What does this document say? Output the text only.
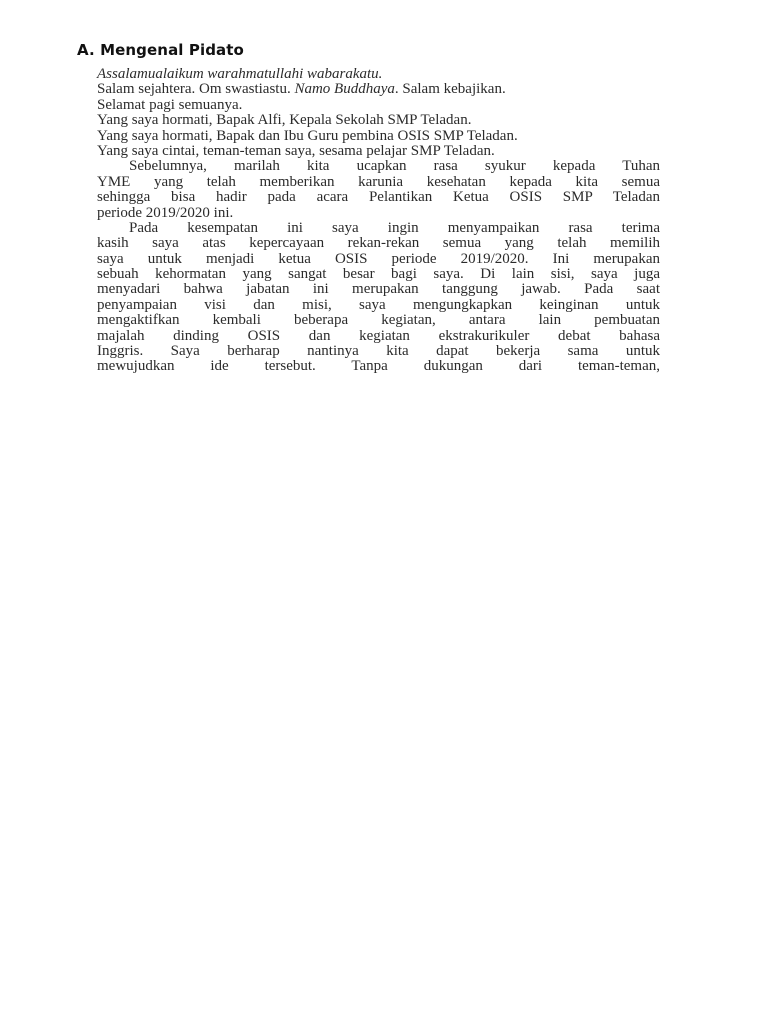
A. Mengenal Pidato
Assalamualaikum warahmatullahi wabarakatu.
Salam sejahtera. Om swastiastu. Namo Buddhaya. Salam kebajikan.
Selamat pagi semuanya.
Yang saya hormati, Bapak Alfi, Kepala Sekolah SMP Teladan.
Yang saya hormati, Bapak dan Ibu Guru pembina OSIS SMP Teladan.
Yang saya cintai, teman-teman saya, sesama pelajar SMP Teladan.
Sebelumnya, marilah kita ucapkan rasa syukur kepada Tuhan
YME yang telah memberikan karunia kesehatan kepada kita semua
sehingga bisa hadir pada acara Pelantikan Ketua OSIS SMP Teladan
periode 2019/2020 ini.
Pada kesempatan ini saya ingin menyampaikan rasa terima
kasih saya atas kepercayaan rekan-rekan semua yang telah memilih
saya untuk menjadi ketua OSIS periode 2019/2020. Ini merupakan
sebuah kehormatan yang sangat besar bagi saya. Di lain sisi, saya juga
menyadari bahwa jabatan ini merupakan tanggung jawab. Pada saat
penyampaian visi dan misi, saya mengungkapkan keinginan untuk
mengaktifkan kembali beberapa kegiatan, antara lain pembuatan
majalah dinding OSIS dan kegiatan ekstrakurikuler debat bahasa
Inggris. Saya berharap nantinya kita dapat bekerja sama untuk
mewujudkan ide tersebut. Tanpa dukungan dari teman-teman,
